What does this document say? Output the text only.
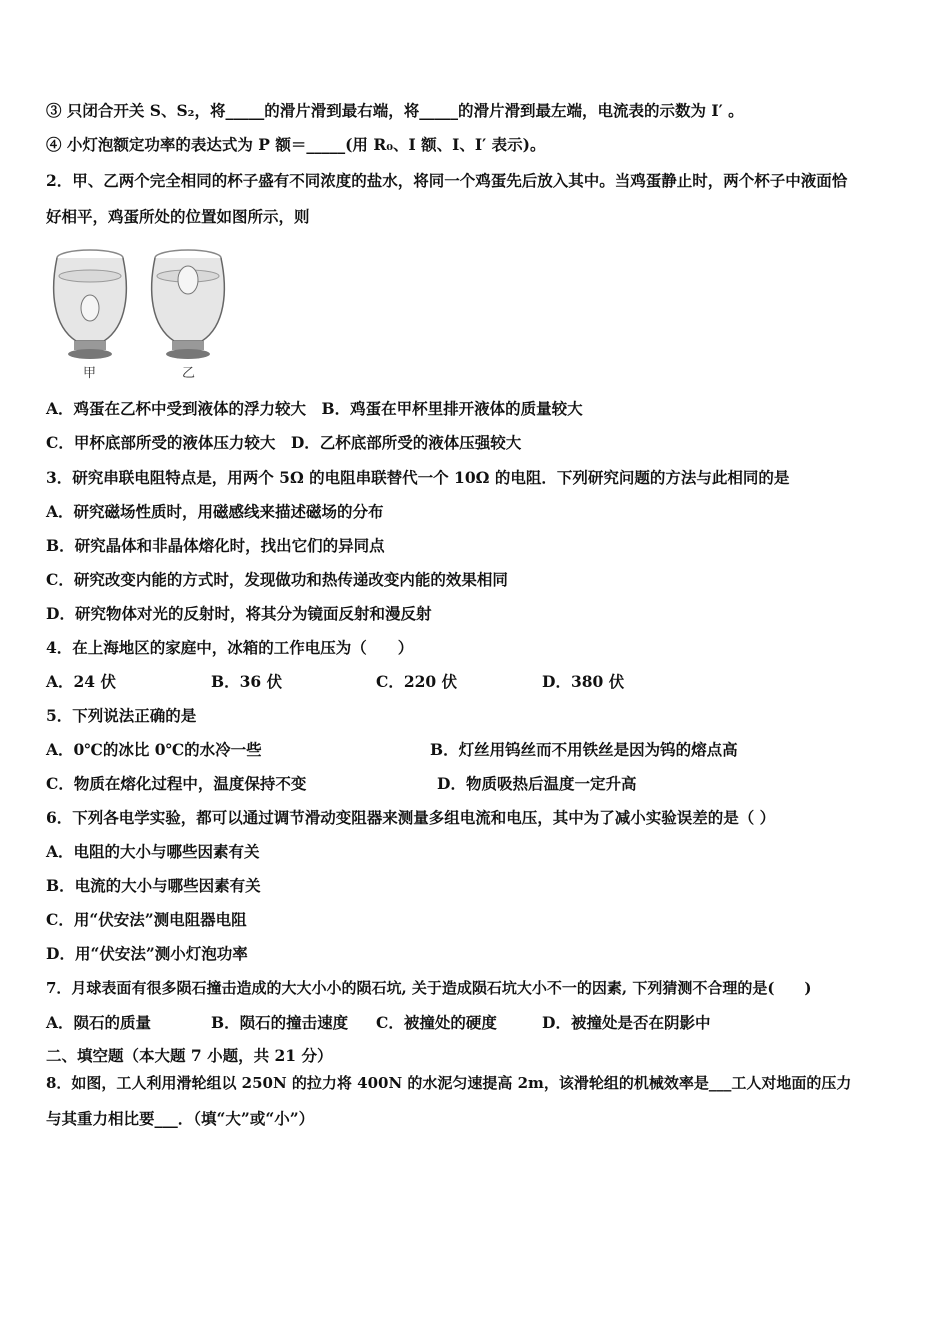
③ 只闭合开关 S、S₂，将_____的滑片滑到最右端，将_____的滑片滑到最左端，电流表的示数为 I′ 。
④ 小灯泡额定功率的表达式为 P 额＝_____(用 R₀、I 额、I、I′ 表示)。
2．甲、乙两个完全相同的杯子盛有不同浓度的盐水，将同一个鸡蛋先后放入其中。当鸡蛋静止时，两个杯子中液面恰
好相平，鸡蛋所处的位置如图所示，则
甲	乙
A．鸡蛋在乙杯中受到液体的浮力较大　B．鸡蛋在甲杯里排开液体的质量较大
C．甲杯底部所受的液体压力较大　D．乙杯底部所受的液体压强较大
3．研究串联电阻特点是，用两个 5Ω 的电阻串联替代一个 10Ω 的电阻．下列研究问题的方法与此相同的是
A．研究磁场性质时，用磁感线来描述磁场的分布
B．研究晶体和非晶体熔化时，找出它们的异同点
C．研究改变内能的方式时，发现做功和热传递改变内能的效果相同
D．研究物体对光的反射时，将其分为镜面反射和漫反射
4．在上海地区的家庭中，冰箱的工作电压为（　　）
A．24 伏	B．36 伏	C．220 伏	D．380 伏
5．下列说法正确的是
A．0℃的冰比 0℃的水冷一些	B．灯丝用钨丝而不用铁丝是因为钨的熔点高
C．物质在熔化过程中，温度保持不变	D．物质吸热后温度一定升高
6．下列各电学实验，都可以通过调节滑动变阻器来测量多组电流和电压，其中为了减小实验误差的是（ ）
A．电阻的大小与哪些因素有关
B．电流的大小与哪些因素有关
C．用“伏安法”测电阻器电阻
D．用“伏安法”测小灯泡功率
7．月球表面有很多陨石撞击造成的大大小小的陨石坑, 关于造成陨石坑大小不一的因素, 下列猜测不合理的是(　　)
A．陨石的质量	B．陨石的撞击速度 C．被撞处的硬度	D．被撞处是否在阴影中
二、填空题（本大题 7 小题，共 21 分）
8．如图，工人利用滑轮组以 250N 的拉力将 400N 的水泥匀速提高 2m，该滑轮组的机械效率是___工人对地面的压力
与其重力相比要___．（填“大”或“小”）
